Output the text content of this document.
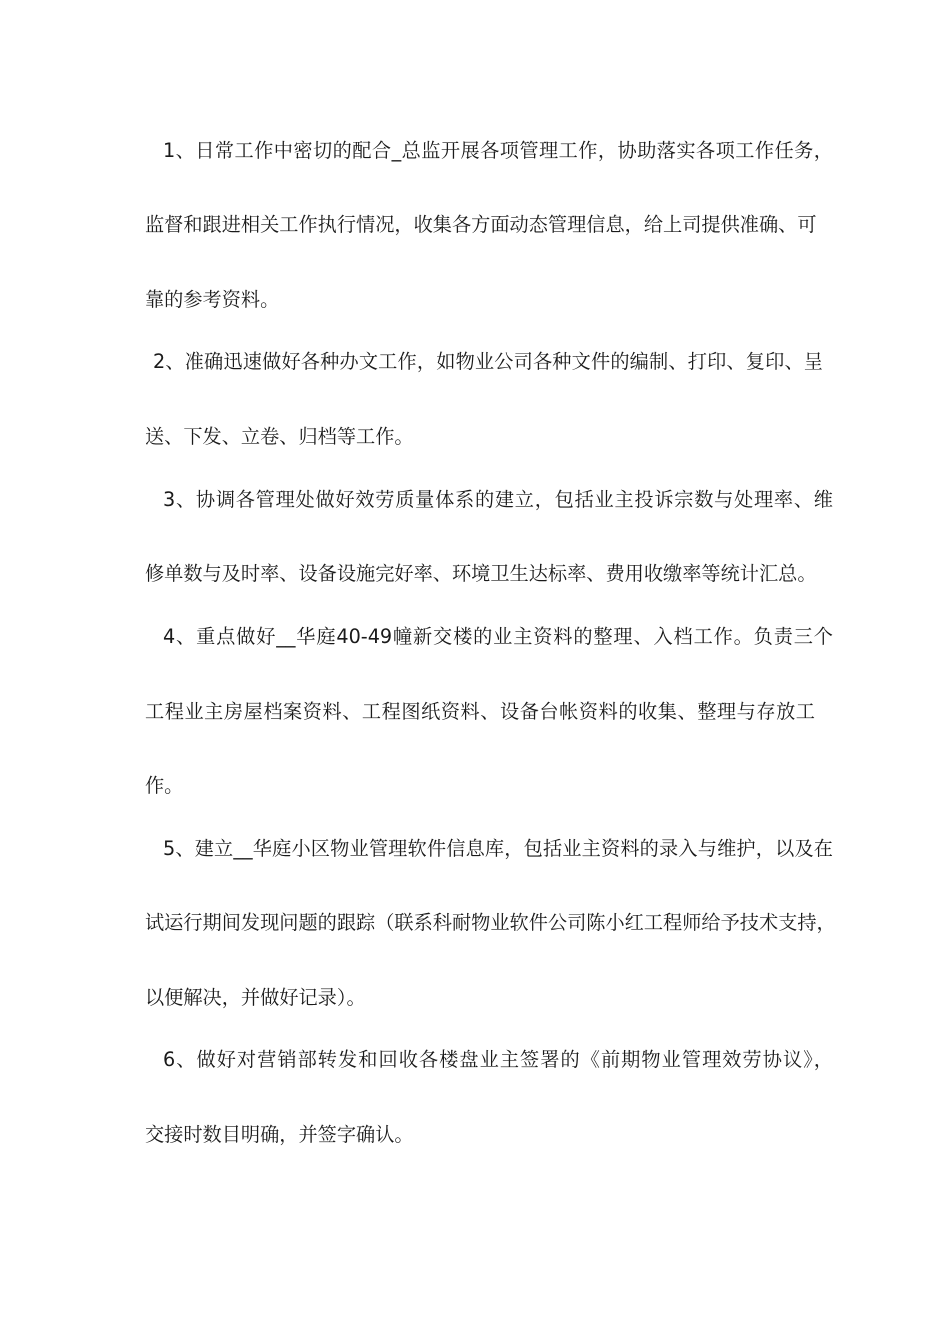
1、日常工作中密切的配合_总监开展各项管理工作，协助落实各项工作任务，
监督和跟进相关工作执行情况，收集各方面动态管理信息，给上司提供准确、可
靠的参考资料。
2、准确迅速做好各种办文工作，如物业公司各种文件的编制、打印、复印、呈
送、下发、立卷、归档等工作。
3、协调各管理处做好效劳质量体系的建立，包括业主投诉宗数与处理率、维
修单数与及时率、设备设施完好率、环境卫生达标率、费用收缴率等统计汇总。
4、重点做好__华庭40-49幢新交楼的业主资料的整理、入档工作。负责三个
工程业主房屋档案资料、工程图纸资料、设备台帐资料的收集、整理与存放工
作。
5、建立__华庭小区物业管理软件信息库，包括业主资料的录入与维护，以及在
试运行期间发现问题的跟踪（联系科耐物业软件公司陈小红工程师给予技术支持，
以便解决，并做好记录）。
6、做好对营销部转发和回收各楼盘业主签署的《前期物业管理效劳协议》，
交接时数目明确，并签字确认。
